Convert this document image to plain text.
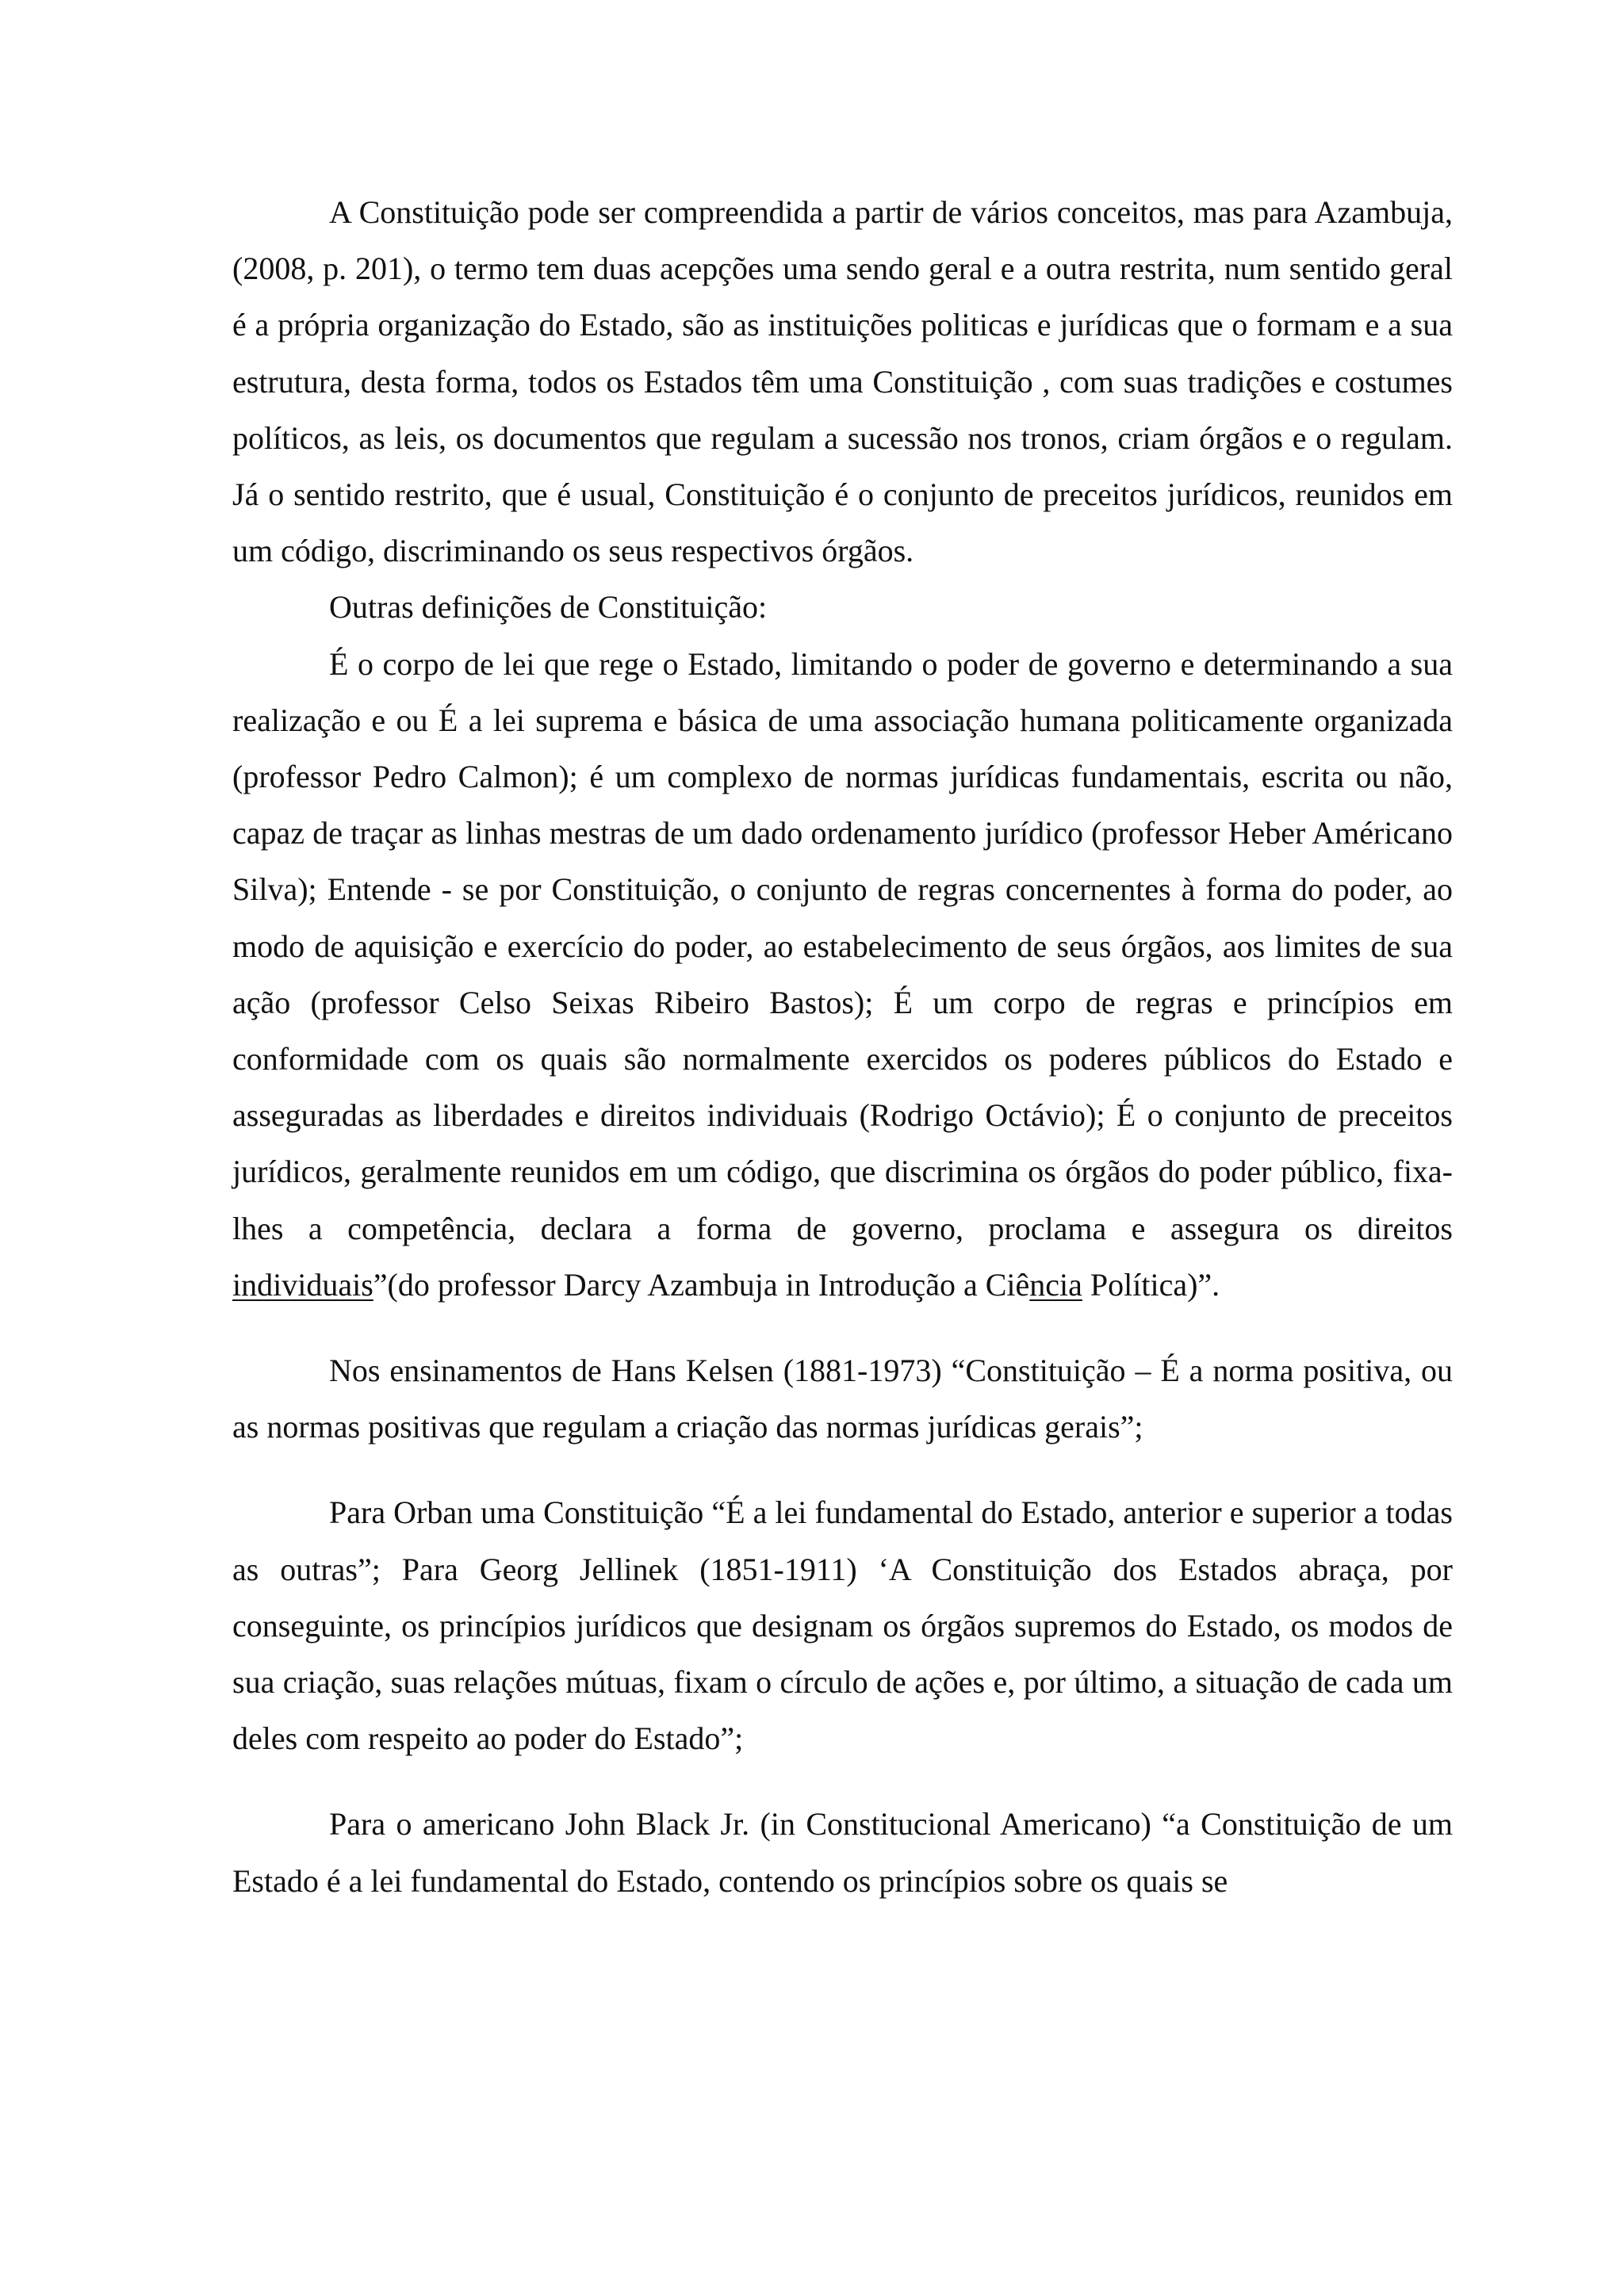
A Constituição pode ser compreendida a partir de vários conceitos, mas para Azambuja, (2008, p. 201), o termo tem duas acepções uma sendo geral e a outra restrita, num sentido geral é a própria organização do Estado, são as instituições politicas e jurídicas que o formam e a sua estrutura, desta forma, todos os Estados têm uma Constituição , com suas tradições e costumes políticos, as leis, os documentos que regulam a sucessão nos tronos, criam órgãos e o regulam. Já o sentido restrito, que é usual, Constituição é o conjunto de preceitos jurídicos, reunidos em um código, discriminando os seus respectivos órgãos.

Outras definições de Constituição:

É o corpo de lei que rege o Estado, limitando o poder de governo e determinando a sua realização e ou É a lei suprema e básica de uma associação humana politicamente organizada (professor Pedro Calmon); é um complexo de normas jurídicas fundamentais, escrita ou não, capaz de traçar as linhas mestras de um dado ordenamento jurídico (professor Heber Américano Silva); Entende - se por Constituição, o conjunto de regras concernentes à forma do poder, ao modo de aquisição e exercício do poder, ao estabelecimento de seus órgãos, aos limites de sua ação (professor Celso Seixas Ribeiro Bastos); É um corpo de regras e princípios em conformidade com os quais são normalmente exercidos os poderes públicos do Estado e asseguradas as liberdades e direitos individuais (Rodrigo Octávio); É o conjunto de preceitos jurídicos, geralmente reunidos em um código, que discrimina os órgãos do poder público, fixa-lhes a competência, declara a forma de governo, proclama e assegura os direitos individuais”(do professor Darcy Azambuja in Introdução a Ciência Política)”.

Nos ensinamentos de Hans Kelsen (1881-1973) “Constituição – É a norma positiva, ou as normas positivas que regulam a criação das normas jurídicas gerais”;

Para Orban uma Constituição “É a lei fundamental do Estado, anterior e superior a todas as outras”; Para Georg Jellinek (1851-1911) ‘A Constituição dos Estados abraça, por conseguinte, os princípios jurídicos que designam os órgãos supremos do Estado, os modos de sua criação, suas relações mútuas, fixam o círculo de ações e, por último, a situação de cada um deles com respeito ao poder do Estado”;

Para o americano John Black Jr. (in Constitucional Americano) “a Constituição de um Estado é a lei fundamental do Estado, contendo os princípios sobre os quais se
